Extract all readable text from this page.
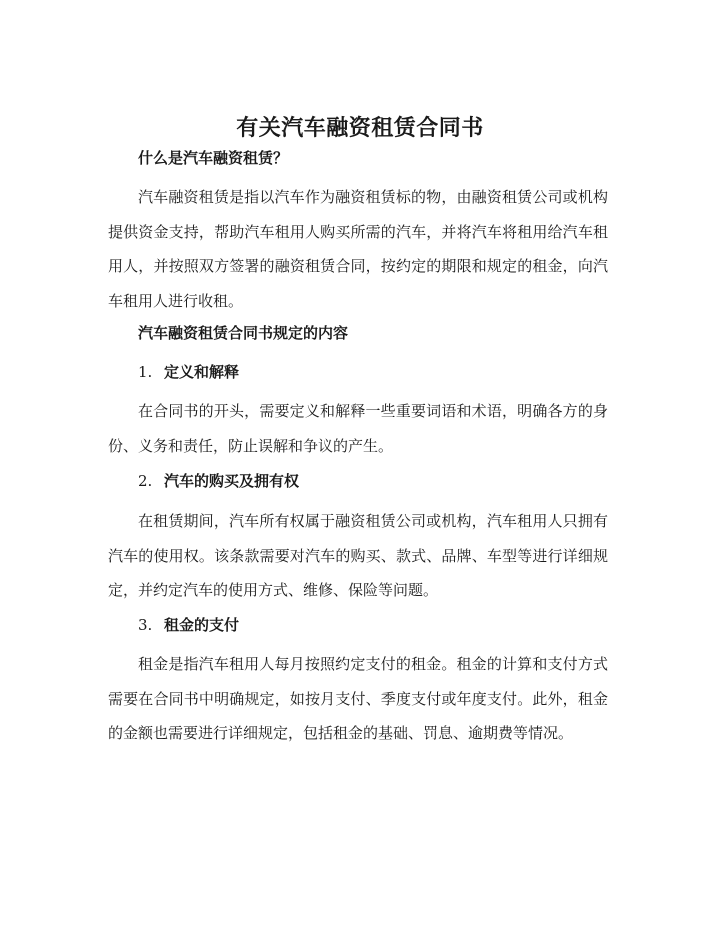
有关汽车融资租赁合同书
什么是汽车融资租赁？
汽车融资租赁是指以汽车作为融资租赁标的物，由融资租赁公司或机构提供资金支持，帮助汽车租用人购买所需的汽车，并将汽车将租用给汽车租用人，并按照双方签署的融资租赁合同，按约定的期限和规定的租金，向汽车租用人进行收租。
汽车融资租赁合同书规定的内容
1. 定义和解释
在合同书的开头，需要定义和解释一些重要词语和术语，明确各方的身份、义务和责任，防止误解和争议的产生。
2. 汽车的购买及拥有权
在租赁期间，汽车所有权属于融资租赁公司或机构，汽车租用人只拥有汽车的使用权。该条款需要对汽车的购买、款式、品牌、车型等进行详细规定，并约定汽车的使用方式、维修、保险等问题。
3. 租金的支付
租金是指汽车租用人每月按照约定支付的租金。租金的计算和支付方式需要在合同书中明确规定，如按月支付、季度支付或年度支付。此外，租金的金额也需要进行详细规定，包括租金的基础、罚息、逾期费等情况。
